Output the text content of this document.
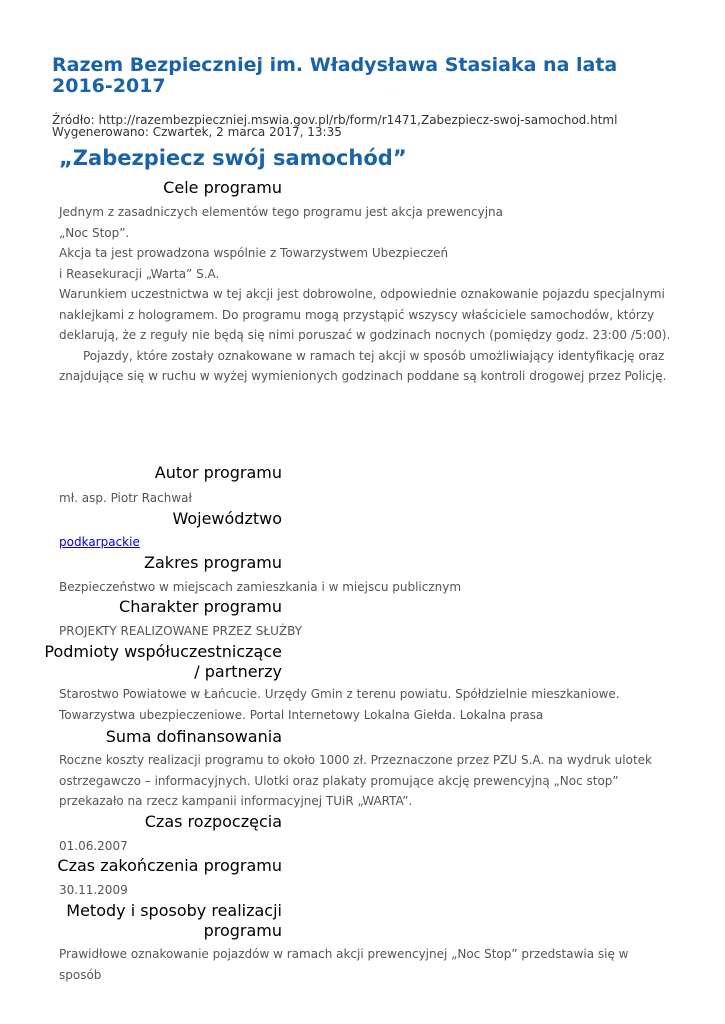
Razem Bezpieczniej im. Władysława Stasiaka na lata 2016-2017
Źródło: http://razembezpieczniej.mswia.gov.pl/rb/form/r1471,Zabezpiecz-swoj-samochod.html
Wygenerowano: Czwartek, 2 marca 2017, 13:35
„Zabezpiecz swój samochód”
Cele programu

Jednym z zasadniczych elementów tego programu jest akcja prewencyjna

„Noc Stop”.

Akcja ta jest prowadzona wspólnie z Towarzystwem Ubezpieczeń

i Reasekuracji „Warta” S.A.

Warunkiem uczestnictwa w tej akcji jest dobrowolne, odpowiednie oznakowanie pojazdu specjalnymi naklejkami z hologramem. Do programu mogą przystąpić wszyscy właściciele samochodów, którzy deklarują, że z reguły nie będą się nimi poruszać w godzinach nocnych (pomiędzy godz. 23:00 /5:00).

Pojazdy, które zostały oznakowane w ramach tej akcji w sposób umożliwiający identyfikację oraz znajdujące się w ruchu w wyżej wymienionych godzinach poddane są kontroli drogowej przez Policję.

Autor programu
mł. asp. Piotr Rachwał
Województwo
podkarpackie
Zakres programu
Bezpieczeństwo w miejscach zamieszkania i w miejscu publicznym
Charakter programu
PROJEKTY REALIZOWANE PRZEZ SŁUŻBY
Podmioty współuczestniczące
/ partnerzy
Starostwo Powiatowe w Łańcucie. Urzędy Gmin z terenu powiatu. Spółdzielnie mieszkaniowe. Towarzystwa ubezpieczeniowe. Portal Internetowy Lokalna Giełda. Lokalna prasa
Suma dofinansowania
Roczne koszty realizacji programu to około 1000 zł. Przeznaczone przez PZU S.A. na wydruk ulotek ostrzegawczo – informacyjnych. Ulotki oraz plakaty promujące akcję prewencyjną „Noc stop” przekazało na rzecz kampanii informacyjnej TUiR „WARTA”.
Czas rozpoczęcia
01.06.2007
Czas zakończenia programu
30.11.2009
Metody i sposoby realizacji
programu
Prawidłowe oznakowanie pojazdów w ramach akcji prewencyjnej „Noc Stop” przedstawia się w sposób
